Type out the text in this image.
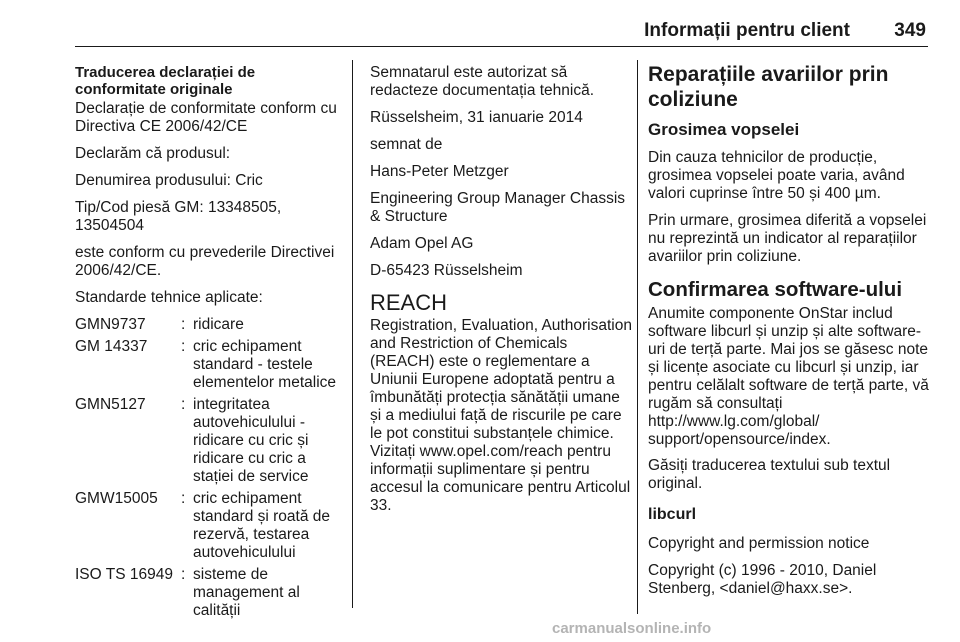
Informații pentru client 349
Traducerea declarației de conformitate originale

Declarație de conformitate conform cu Directiva CE 2006/42/CE

Declarăm că produsul:

Denumirea produsului: Cric

Tip/Cod piesă GM: 13348505, 13504504

este conform cu prevederile Directivei 2006/42/CE.

Standarde tehnice aplicate:

GMN9737	:	ridicare
GM 14337	:	cric echipament standard - testele elementelor metalice
GMN5127	:	integritatea autovehiculului - ridicare cu cric și ridicare cu cric a stației de service
GMW15005	:	cric echipament standard și roată de rezervă, testarea autovehiculului
ISO TS 16949	:	sisteme de management al calității

Semnatarul este autorizat să redacteze documentația tehnică.

Rüsselsheim, 31 ianuarie 2014

semnat de

Hans-Peter Metzger

Engineering Group Manager Chassis & Structure

Adam Opel AG

D-65423 Rüsselsheim

REACH

Registration, Evaluation, Authorisation and Restriction of Chemicals (REACH) este o reglementare a Uniunii Europene adoptată pentru a îmbunătăți protecția sănătății umane și a mediului față de riscurile pe care le pot constitui substanțele chimice. Vizitați www.opel.com/reach pentru informații suplimentare și pentru accesul la comunicare pentru Articolul 33.

Reparațiile avariilor prin coliziune
Grosimea vopselei

Din cauza tehnicilor de producție, grosimea vopselei poate varia, având valori cuprinse între 50 și 400 µm.

Prin urmare, grosimea diferită a vopselei nu reprezintă un indicator al reparațiilor avariilor prin coliziune.

Confirmarea software-ului

Anumite componente OnStar includ software libcurl și unzip și alte software-uri de terță parte. Mai jos se găsesc note și licențe asociate cu libcurl și unzip, iar pentru celălalt software de terță parte, vă rugăm să consultați http://www.lg.com/global/ support/opensource/index.

Găsiți traducerea textului sub textul original.

libcurl

Copyright and permission notice

Copyright (c) 1996 - 2010, Daniel Stenberg, <daniel@haxx.se>.

carmanualsonline.info
